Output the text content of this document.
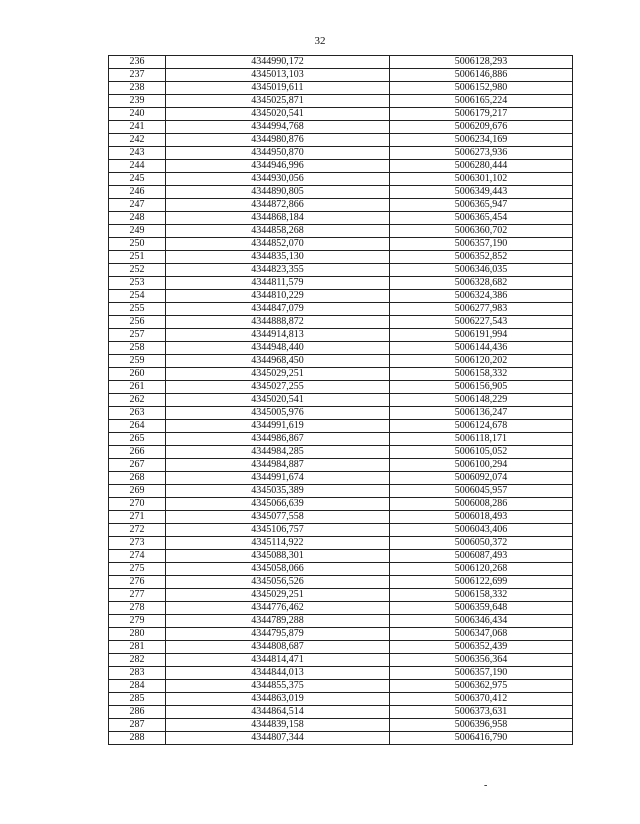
32
236	4344990,172	5006128,293
237	4345013,103	5006146,886
238	4345019,611	5006152,980
239	4345025,871	5006165,224
240	4345020,541	5006179,217
241	4344994,768	5006209,676
242	4344980,876	5006234,169
243	4344950,870	5006273,936
244	4344946,996	5006280,444
245	4344930,056	5006301,102
246	4344890,805	5006349,443
247	4344872,866	5006365,947
248	4344868,184	5006365,454
249	4344858,268	5006360,702
250	4344852,070	5006357,190
251	4344835,130	5006352,852
252	4344823,355	5006346,035
253	4344811,579	5006328,682
254	4344810,229	5006324,386
255	4344847,079	5006277,983
256	4344888,872	5006227,543
257	4344914,813	5006191,994
258	4344948,440	5006144,436
259	4344968,450	5006120,202
260	4345029,251	5006158,332
261	4345027,255	5006156,905
262	4345020,541	5006148,229
263	4345005,976	5006136,247
264	4344991,619	5006124,678
265	4344986,867	5006118,171
266	4344984,285	5006105,052
267	4344984,887	5006100,294
268	4344991,674	5006092,074
269	4345035,389	5006045,957
270	4345066,639	5006008,286
271	4345077,558	5006018,493
272	4345106,757	5006043,406
273	4345114,922	5006050,372
274	4345088,301	5006087,493
275	4345058,066	5006120,268
276	4345056,526	5006122,699
277	4345029,251	5006158,332
278	4344776,462	5006359,648
279	4344789,288	5006346,434
280	4344795,879	5006347,068
281	4344808,687	5006352,439
282	4344814,471	5006356,364
283	4344844,013	5006357,190
284	4344855,375	5006362,975
285	4344863,019	5006370,412
286	4344864,514	5006373,631
287	4344839,158	5006396,958
288	4344807,344	5006416,790
-
